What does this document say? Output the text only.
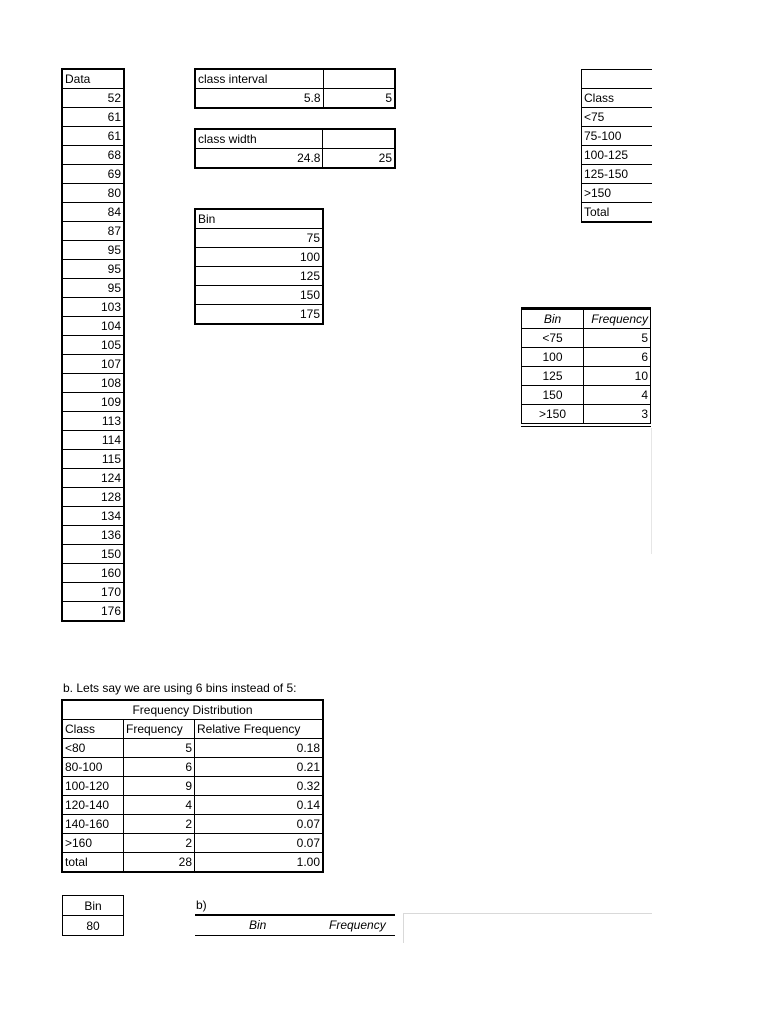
Data
52
61
61
68
69
80
84
87
95
95
95
103
104
105
107
108
109
113
114
115
124
128
134
136
150
160
170
176
class interval	
5.8	5
class width	
24.8	25
Bin
75
100
125
150
175

Class
<75
75-100
100-125
125-150
>150
Total
Bin	Frequency
<75	5
100	6
125	10
150	4
>150	3
b. Lets say we are using 6 bins instead of 5:
Frequency Distribution		
Class	Frequency	Relative Frequency
<80	5	0.18
80-100	6	0.21
100-120	9	0.32
120-140	4	0.14
140-160	2	0.07
>160	2	0.07
total	28	1.00
Bin
80
b)
Bin	Frequency
